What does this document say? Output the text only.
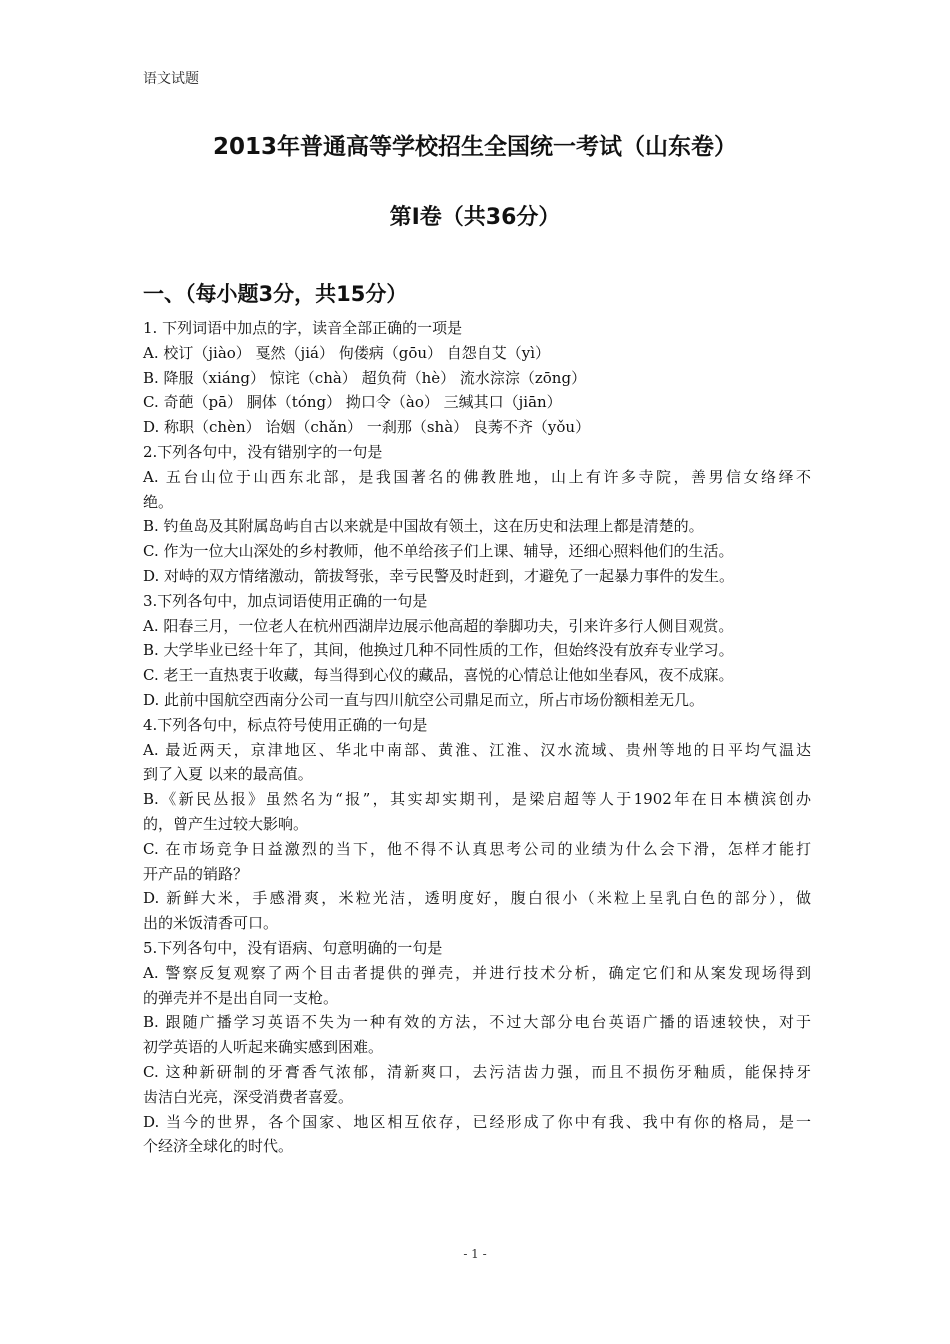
语文试题
2013年普通高等学校招生全国统一考试（山东卷）
第Ⅰ卷（共36分）
一、（每小题3分，共15分）
1. 下列词语中加点的字，读音全部正确的一项是
A. 校订（jiào） 戛然（jiá） 佝偻病（gōu） 自怨自艾（yì）
B. 降服（xiáng） 惊诧（chà） 超负荷（hè） 流水淙淙（zōng）
C. 奇葩（pā） 胴体（tóng） 拗口令（ào） 三缄其口（jiān）
D. 称职（chèn） 诒姻（chǎn） 一刹那（shà） 良莠不齐（yǒu）
2.下列各句中，没有错别字的一句是
A. 五台山位于山西东北部，是我国著名的佛教胜地，山上有许多寺院，善男信女络绎不
绝。
B. 钓鱼岛及其附属岛屿自古以来就是中国故有领土，这在历史和法理上都是清楚的。
C. 作为一位大山深处的乡村教师，他不单给孩子们上课、辅导，还细心照料他们的生活。
D. 对峙的双方情绪激动，箭拔弩张，幸亏民警及时赶到，才避免了一起暴力事件的发生。
3.下列各句中，加点词语使用正确的一句是
A. 阳春三月，一位老人在杭州西湖岸边展示他高超的拳脚功夫，引来许多行人侧目观赏。
B. 大学毕业已经十年了，其间，他换过几种不同性质的工作，但始终没有放弃专业学习。
C. 老王一直热衷于收藏，每当得到心仪的藏品，喜悦的心情总让他如坐春风，夜不成寐。
D. 此前中国航空西南分公司一直与四川航空公司鼎足而立，所占市场份额相差无几。
4.下列各句中，标点符号使用正确的一句是
A. 最近两天，京津地区、华北中南部、黄淮、江淮、汉水流域、贵州等地的日平均气温达
到了入夏 以来的最高值。
B.《新民丛报》虽然名为“报”，其实却实期刊，是梁启超等人于1902年在日本横滨创办
的，曾产生过较大影响。
C. 在市场竞争日益激烈的当下，他不得不认真思考公司的业绩为什么会下滑，怎样才能打
开产品的销路？
D. 新鲜大米，手感滑爽，米粒光洁，透明度好，腹白很小（米粒上呈乳白色的部分），做
出的米饭清香可口。
5.下列各句中，没有语病、句意明确的一句是
A. 警察反复观察了两个目击者提供的弹壳，并进行技术分析，确定它们和从案发现场得到
的弹壳并不是出自同一支枪。
B. 跟随广播学习英语不失为一种有效的方法，不过大部分电台英语广播的语速较快，对于
初学英语的人听起来确实感到困难。
C. 这种新研制的牙膏香气浓郁，清新爽口，去污洁齿力强，而且不损伤牙釉质，能保持牙
齿洁白光亮，深受消费者喜爱。
D. 当今的世界，各个国家、地区相互依存，已经形成了你中有我、我中有你的格局，是一
个经济全球化的时代。
- 1 -
